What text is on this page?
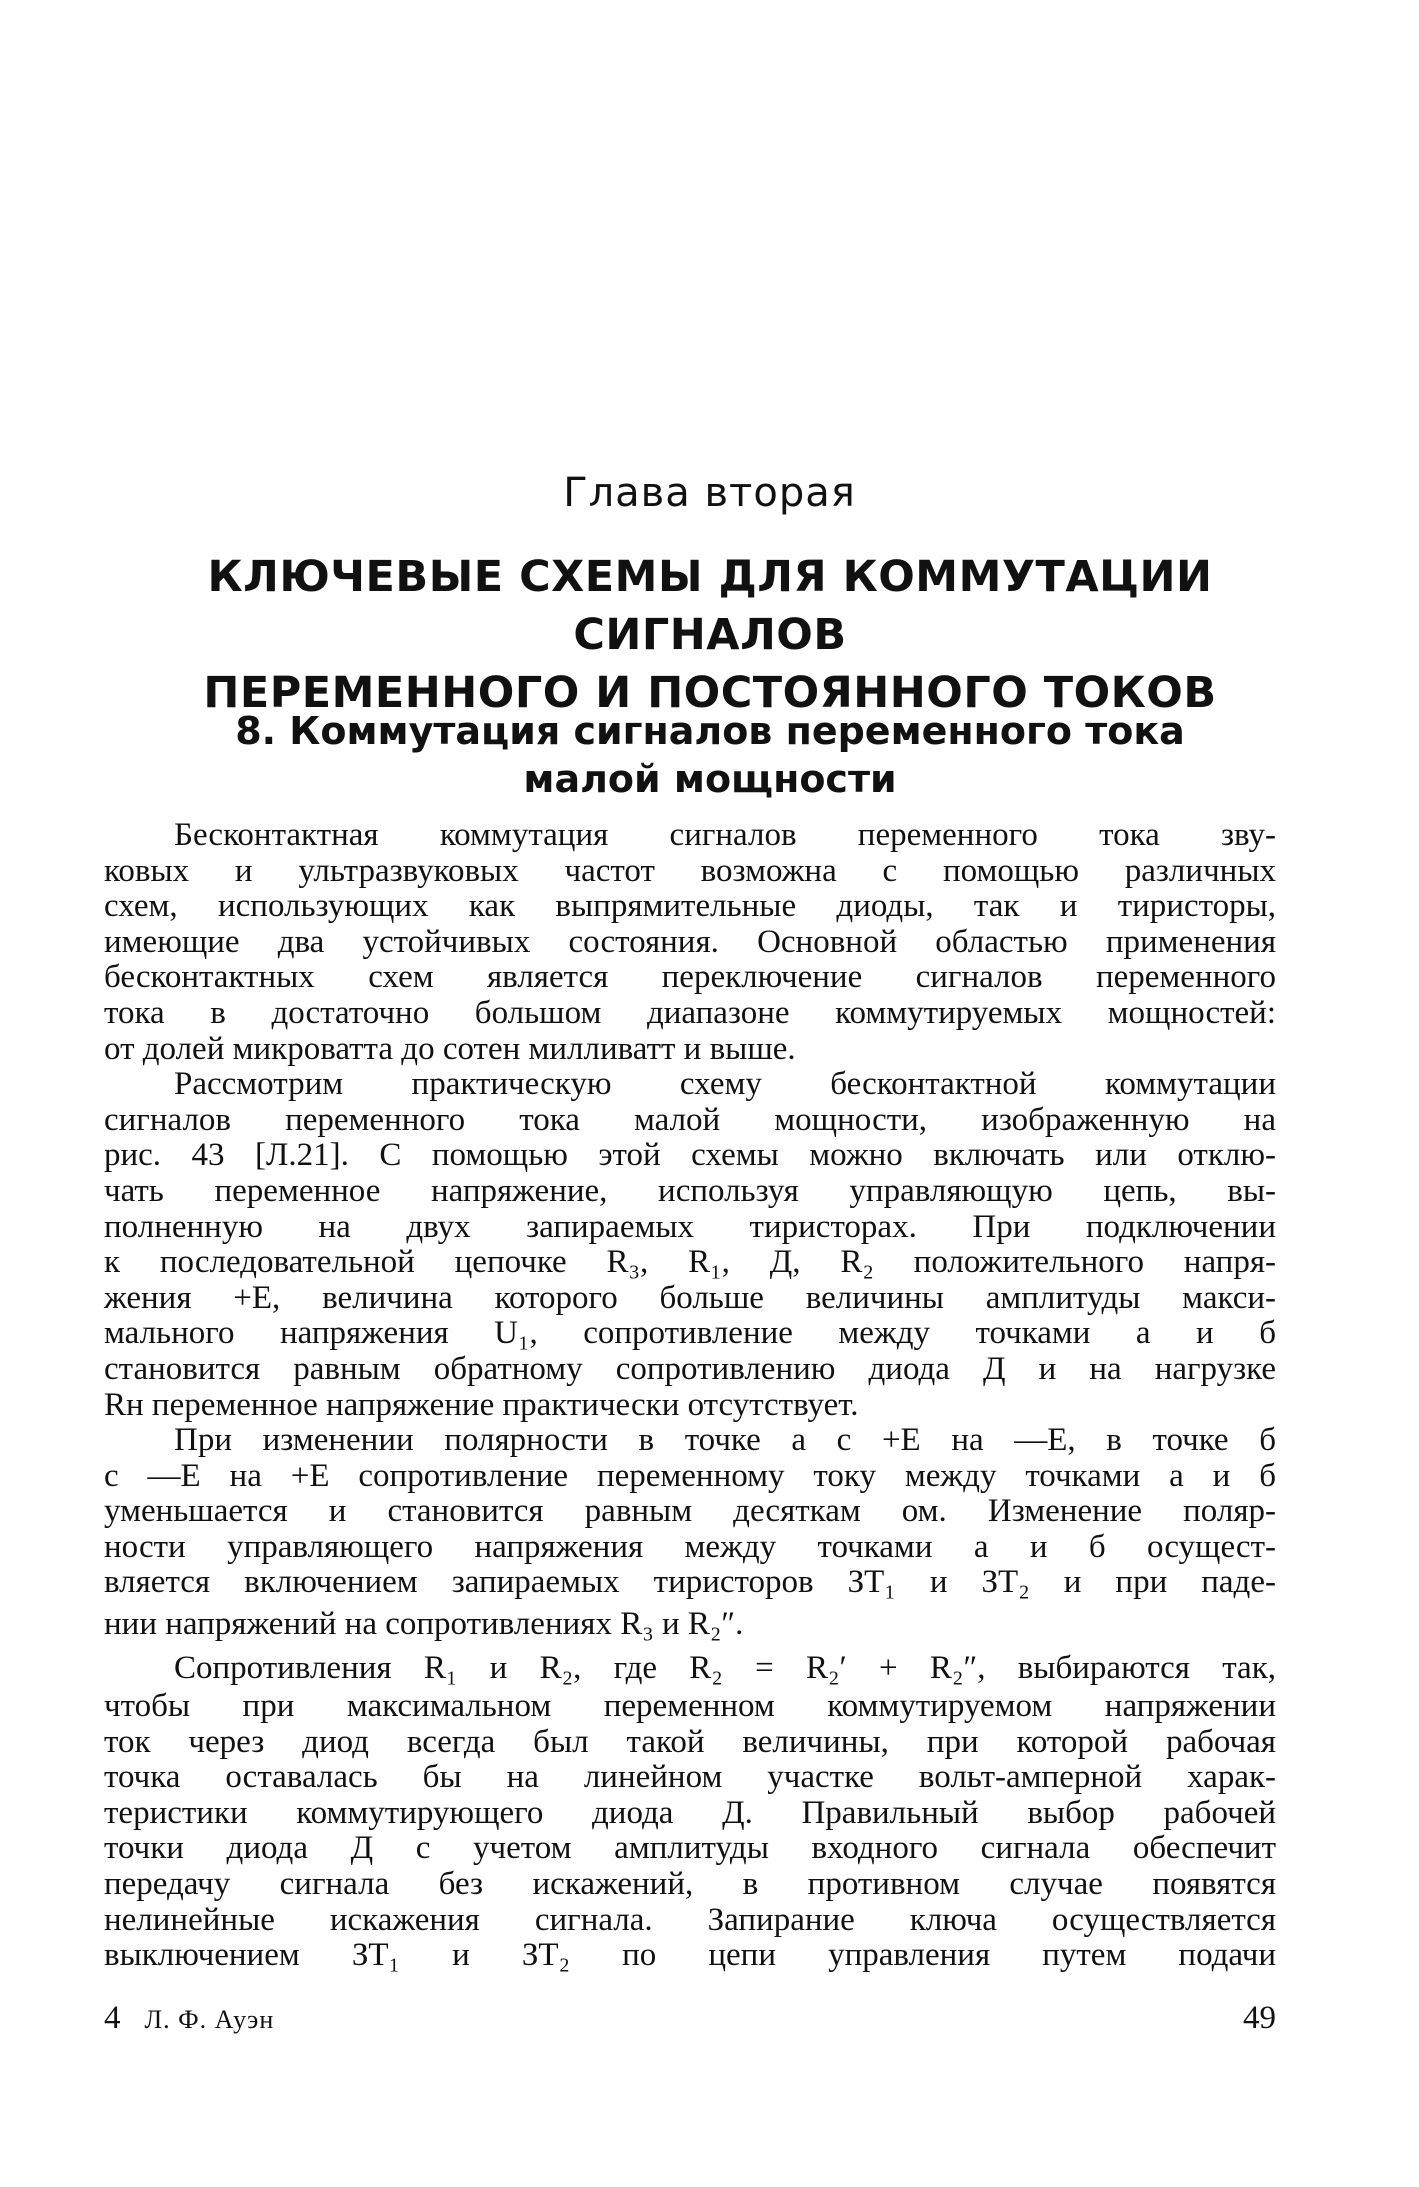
Глава вторая
КЛЮЧЕВЫЕ СХЕМЫ ДЛЯ КОММУТАЦИИ СИГНАЛОВ
ПЕРЕМЕННОГО И ПОСТОЯННОГО ТОКОВ
8. Коммутация сигналов переменного тока
малой мощности
Бесконтактная коммутация сигналов переменного тока зву-
ковых и ультразвуковых частот возможна с помощью различных
схем, использующих как выпрямительные диоды, так и тиристоры,
имеющие два устойчивых состояния. Основной областью применения
бесконтактных схем является переключение сигналов переменного
тока в достаточно большом диапазоне коммутируемых мощностей:
от долей микроватта до сотен милливатт и выше.
Рассмотрим практическую схему бесконтактной коммутации
сигналов переменного тока малой мощности, изображенную на
рис. 43 [Л.21]. С помощью этой схемы можно включать или отклю-
чать переменное напряжение, используя управляющую цепь, вы-
полненную на двух запираемых тиристорах. При подключении
к последовательной цепочке R₃, R₁, Д, R₂ положительного напря-
жения +E, величина которого больше величины амплитуды макси-
мального напряжения U₁, сопротивление между точками a и б
становится равным обратному сопротивлению диода Д и на нагрузке
Rн переменное напряжение практически отсутствует.
При изменении полярности в точке a с +E на —E, в точке б
с —E на +E сопротивление переменному току между точками a и б
уменьшается и становится равным десяткам ом. Изменение поляр-
ности управляющего напряжения между точками a и б осущест-
вляется включением запираемых тиристоров ЗТ₁ и ЗТ₂ и при паде-
нии напряжений на сопротивлениях R₃ и R₂″.
Сопротивления R₁ и R₂, где R₂ = R₂′ + R₂″, выбираются так,
чтобы при максимальном переменном коммутируемом напряжении
ток через диод всегда был такой величины, при которой рабочая
точка оставалась бы на линейном участке вольт-амперной харак-
теристики коммутирующего диода Д. Правильный выбор рабочей
точки диода Д с учетом амплитуды входного сигнала обеспечит
передачу сигнала без искажений, в противном случае появятся
нелинейные искажения сигнала. Запирание ключа осуществляется
выключением ЗТ₁ и ЗТ₂ по цепи управления путем подачи
4 Л. Ф. Ауэн	49
